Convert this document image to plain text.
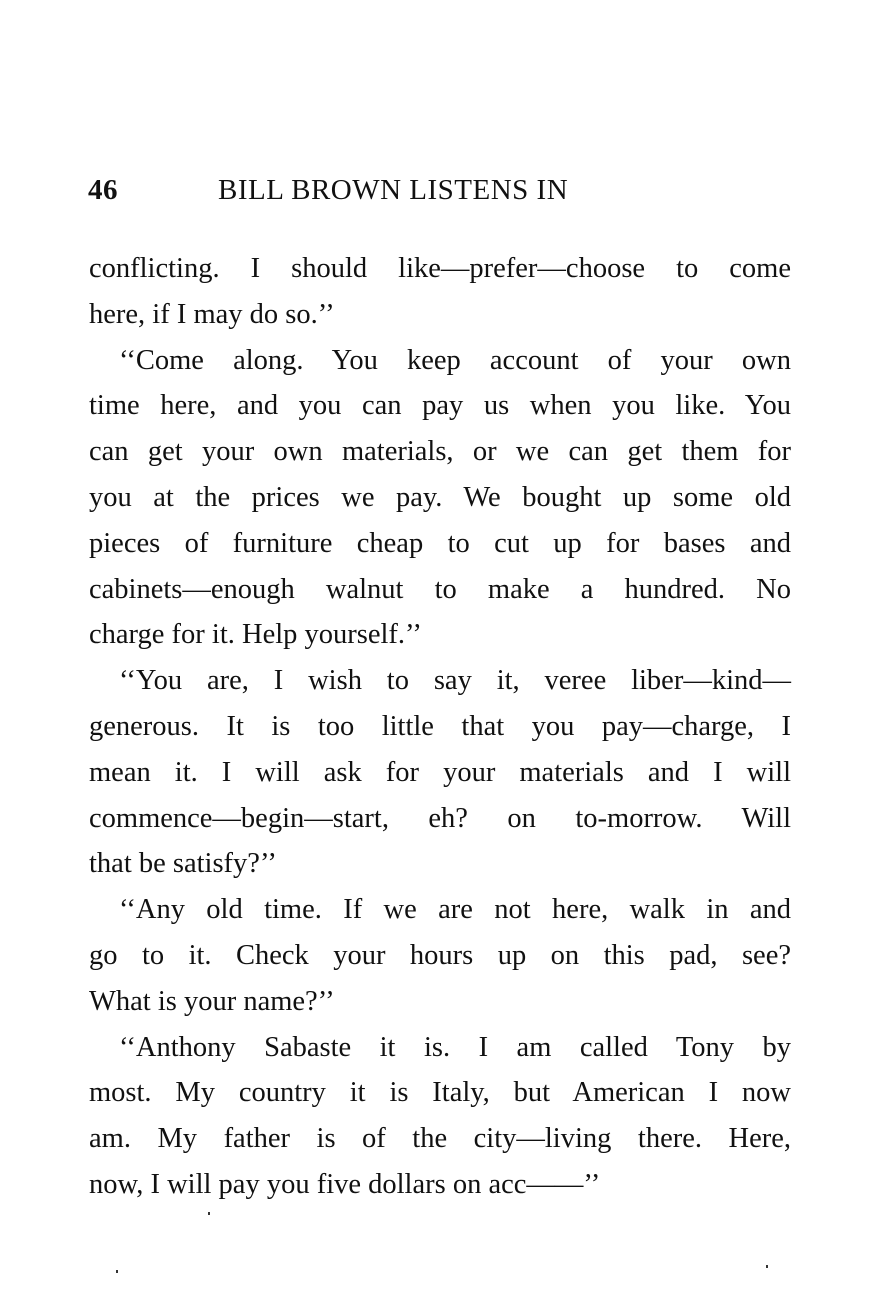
46	BILL BROWN LISTENS IN
conflicting. I should like—prefer—choose to come
here, if I may do so.’’
‘‘Come along. You keep account of your own
time here, and you can pay us when you like. You
can get your own materials, or we can get them for
you at the prices we pay. We bought up some old
pieces of furniture cheap to cut up for bases and
cabinets—enough walnut to make a hundred. No
charge for it. Help yourself.’’
‘‘You are, I wish to say it, veree liber—kind—
generous. It is too little that you pay—charge, I
mean it. I will ask for your materials and I will
commence—begin—start, eh? on to-morrow. Will
that be satisfy?’’
‘‘Any old time. If we are not here, walk in and
go to it. Check your hours up on this pad, see?
What is your name?’’
‘‘Anthony Sabaste it is. I am called Tony by
most. My country it is Italy, but American I now
am. My father is of the city—living there. Here,
now, I will pay you five dollars on acc——’’
